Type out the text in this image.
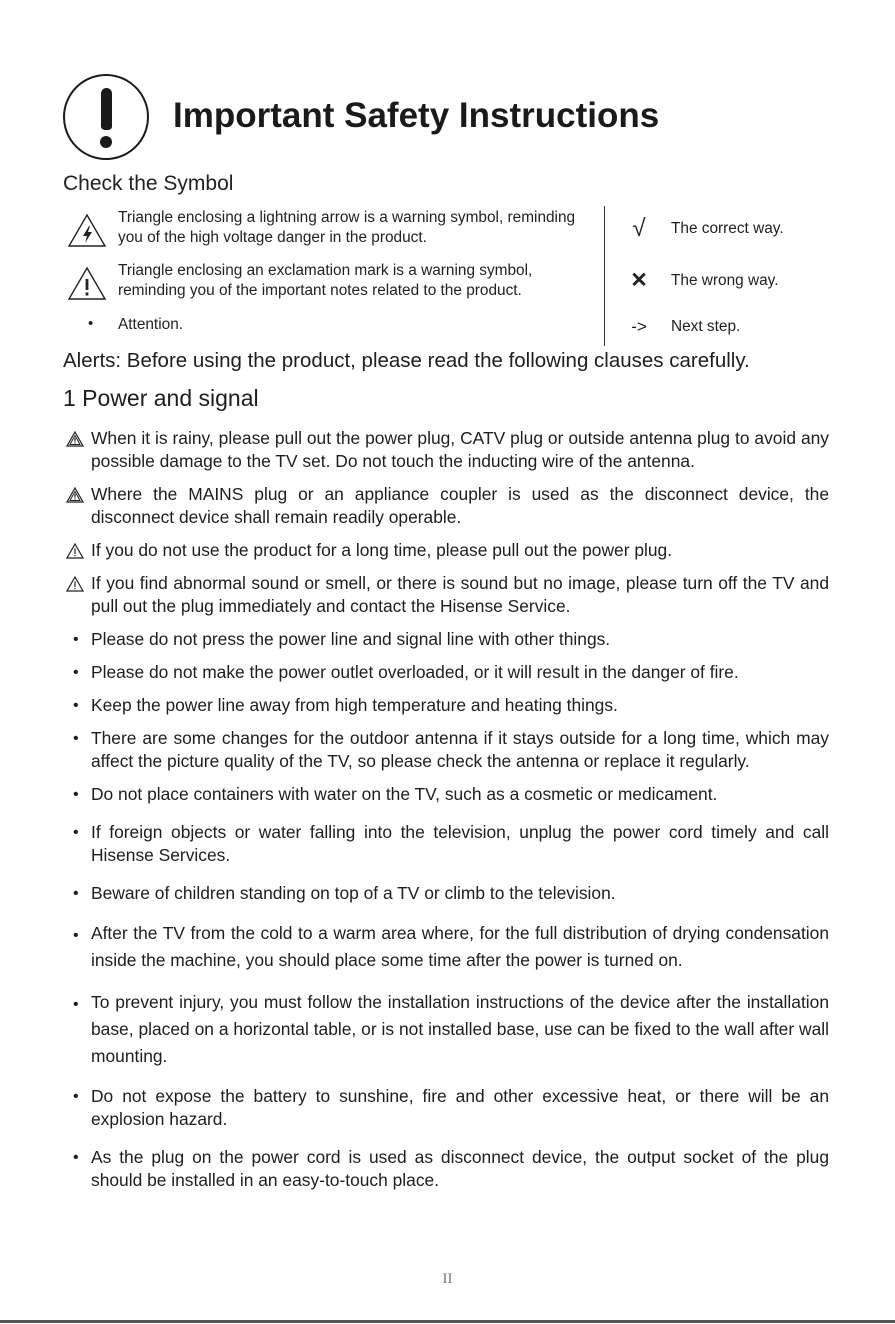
Important Safety Instructions
Check the Symbol
Triangle enclosing a lightning arrow is a warning symbol, reminding you of the high voltage danger in the product.
Triangle enclosing an exclamation mark is a warning symbol, reminding you of the important notes related to the product.
• Attention.
√	The correct way.
✕	The wrong way.
->	Next step.
Alerts: Before using the product, please read the following clauses carefully.
1 Power and signal
When it is rainy, please pull out the power plug, CATV plug or outside antenna plug to avoid any possible damage to the TV set. Do not touch the inducting wire of the antenna.
Where the MAINS plug or an appliance coupler is used as the disconnect device, the disconnect device shall remain readily operable.
If you do not use the product for a long time, please pull out the power plug.
If you find abnormal sound or smell, or there is sound but no image, please turn off the TV and pull out the plug immediately and contact the Hisense Service.
• Please do not press the power line and signal line with other things.
• Please do not make the power outlet overloaded, or it will result in the danger of fire.
• Keep the power line away from high temperature and heating things.
• There are some changes for the outdoor antenna if it stays outside for a long time, which may affect the picture quality of the TV, so please check the antenna or replace it regularly.
• Do not place containers with water on the TV, such as a cosmetic or medicament.
• If foreign objects or water falling into the television, unplug the power cord timely and call Hisense Services.
• Beware of children standing on top of a TV or climb to the television.
• After the TV from the cold to a warm area where, for the full distribution of drying condensation inside the machine, you should place some time after the power is turned on.
• To prevent injury, you must follow the installation instructions of the device after the installation base, placed on a horizontal table, or is not installed base, use can be fixed to the wall after wall mounting.
• Do not expose the battery to sunshine, fire and other excessive heat, or there will be an explosion hazard.
• As the plug on the power cord is used as disconnect device, the output socket of the plug should be installed in an easy-to-touch place.
II
